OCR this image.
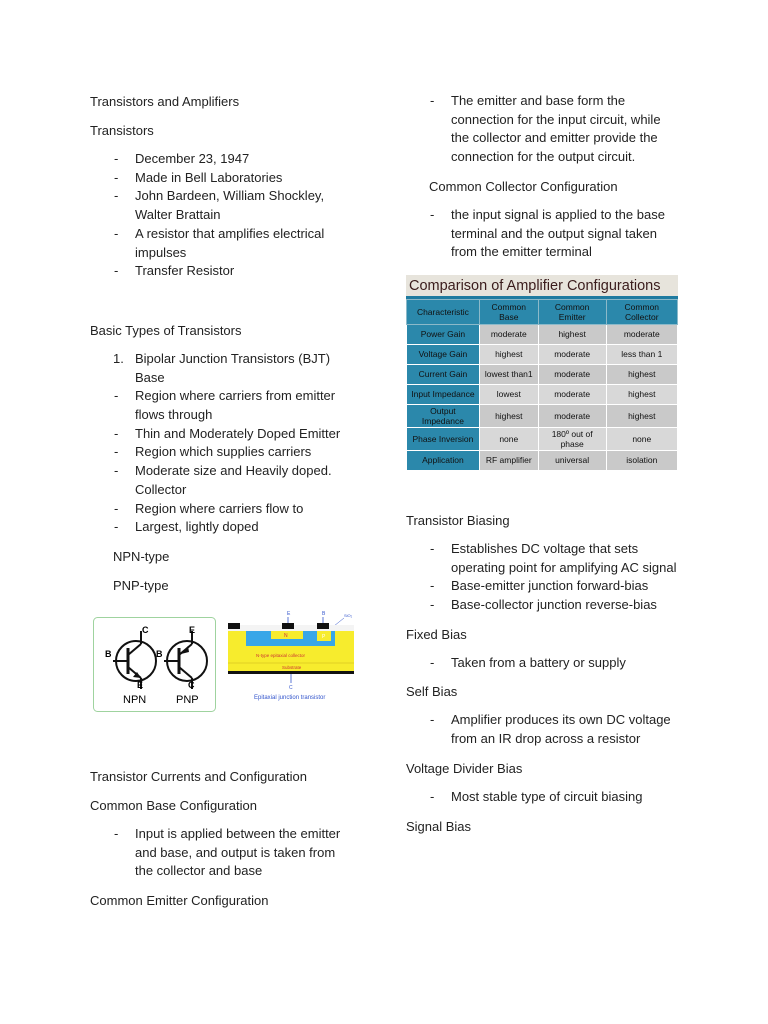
Transistors and Amplifiers

Transistors

- December 23, 1947
- Made in Bell Laboratories
- John Bardeen, William Shockley, Walter Brattain
- A resistor that amplifies electrical impulses
- Transfer Resistor

Basic Types of Transistors

1. Bipolar Junction Transistors (BJT) Base
- Region where carriers from emitter flows through
- Thin and Moderately Doped Emitter
- Region which supplies carriers
- Moderate size and Heavily doped. Collector
- Region where carriers flow to
- Largest, lightly doped

NPN-type

PNP-type

C
B
E
E
B
C
NPN	PNP
E	B	SiO₂
N	P
N-type epitaxial collector
Substrate
C
Epitaxial junction transistor

Transistor Currents and Configuration

Common Base Configuration

- Input is applied between the emitter and base, and output is taken from the collector and base

Common Emitter Configuration

- The emitter and base form the connection for the input circuit, while the collector and emitter provide the connection for the output circuit.

Common Collector Configuration

- the input signal is applied to the base terminal and the output signal taken from the emitter terminal
Comparison of Amplifier Configurations
Characteristic	Common Base	Common Emitter	Common Collector
Power Gain	moderate	highest	moderate
Voltage Gain	highest	moderate	less than 1
Current Gain	lowest than1	moderate	highest
Input Impedance	lowest	moderate	highest
Output Impedance	highest	moderate	highest
Phase Inversion	none	180º out of phase	none
Application	RF amplifier	universal	isolation

Transistor Biasing

- Establishes DC voltage that sets operating point for amplifying AC signal
- Base-emitter junction forward-bias
- Base-collector junction reverse-bias

Fixed Bias

- Taken from a battery or supply

Self Bias

- Amplifier produces its own DC voltage from an IR drop across a resistor

Voltage Divider Bias

- Most stable type of circuit biasing

Signal Bias
